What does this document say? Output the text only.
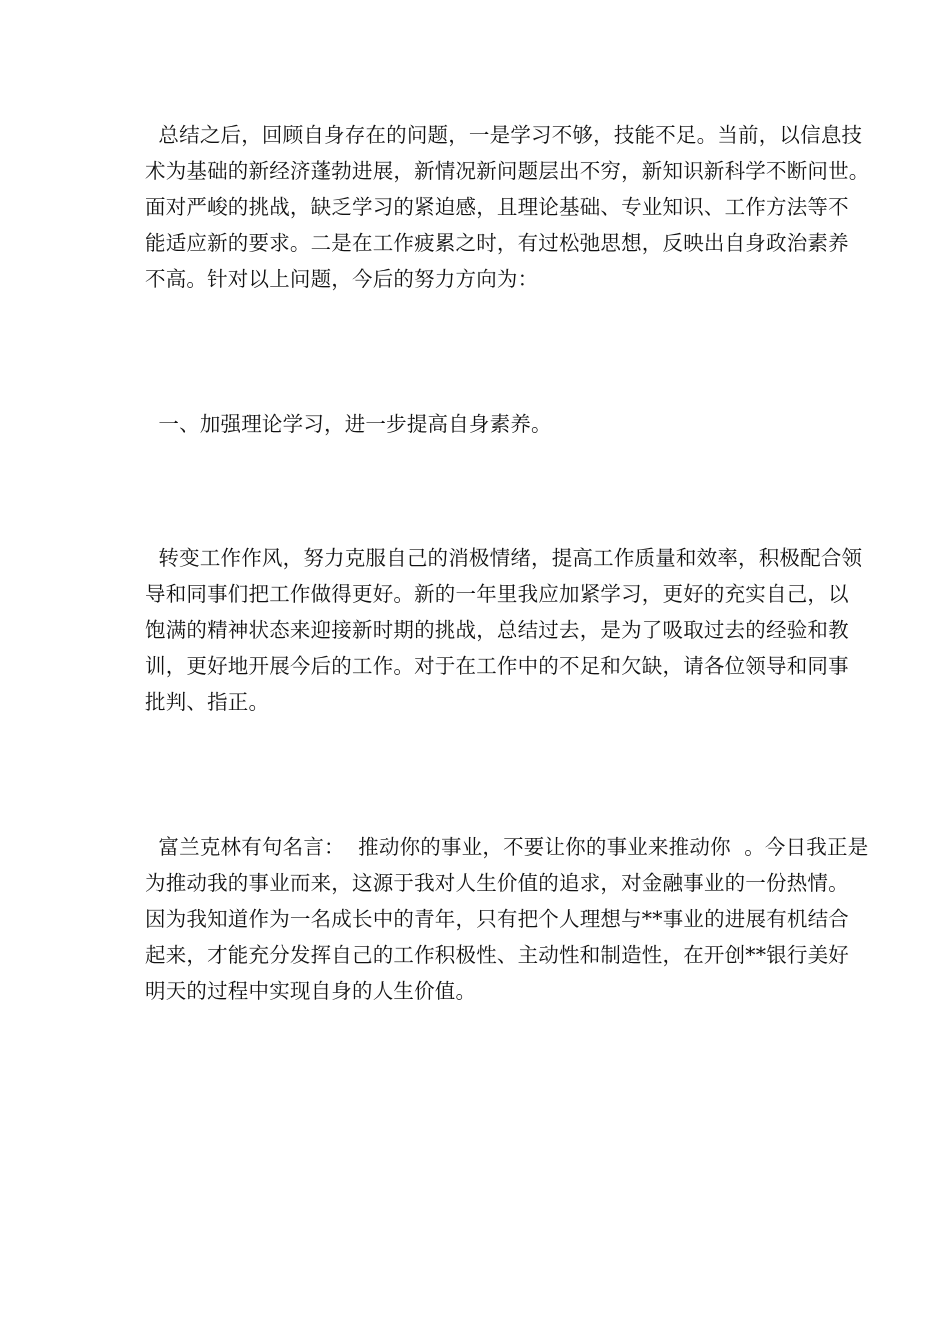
总结之后，回顾自身存在的问题，一是学习不够，技能不足。当前，以信息技
术为基础的新经济蓬勃进展，新情况新问题层出不穷，新知识新科学不断问世。
面对严峻的挑战，缺乏学习的紧迫感，且理论基础、专业知识、工作方法等不
能适应新的要求。二是在工作疲累之时，有过松弛思想，反映出自身政治素养
不高。针对以上问题，今后的努力方向为：
一、加强理论学习，进一步提高自身素养。
转变工作作风，努力克服自己的消极情绪，提高工作质量和效率，积极配合领
导和同事们把工作做得更好。新的一年里我应加紧学习，更好的充实自己，以
饱满的精神状态来迎接新时期的挑战，总结过去，是为了吸取过去的经验和教
训，更好地开展今后的工作。对于在工作中的不足和欠缺，请各位领导和同事
批判、指正。
富兰克林有句名言：  推动你的事业，不要让你的事业来推动你  。今日我正是
为推动我的事业而来，这源于我对人生价值的追求，对金融事业的一份热情。
因为我知道作为一名成长中的青年，只有把个人理想与**事业的进展有机结合
起来，才能充分发挥自己的工作积极性、主动性和制造性，在开创**银行美好
明天的过程中实现自身的人生价值。
